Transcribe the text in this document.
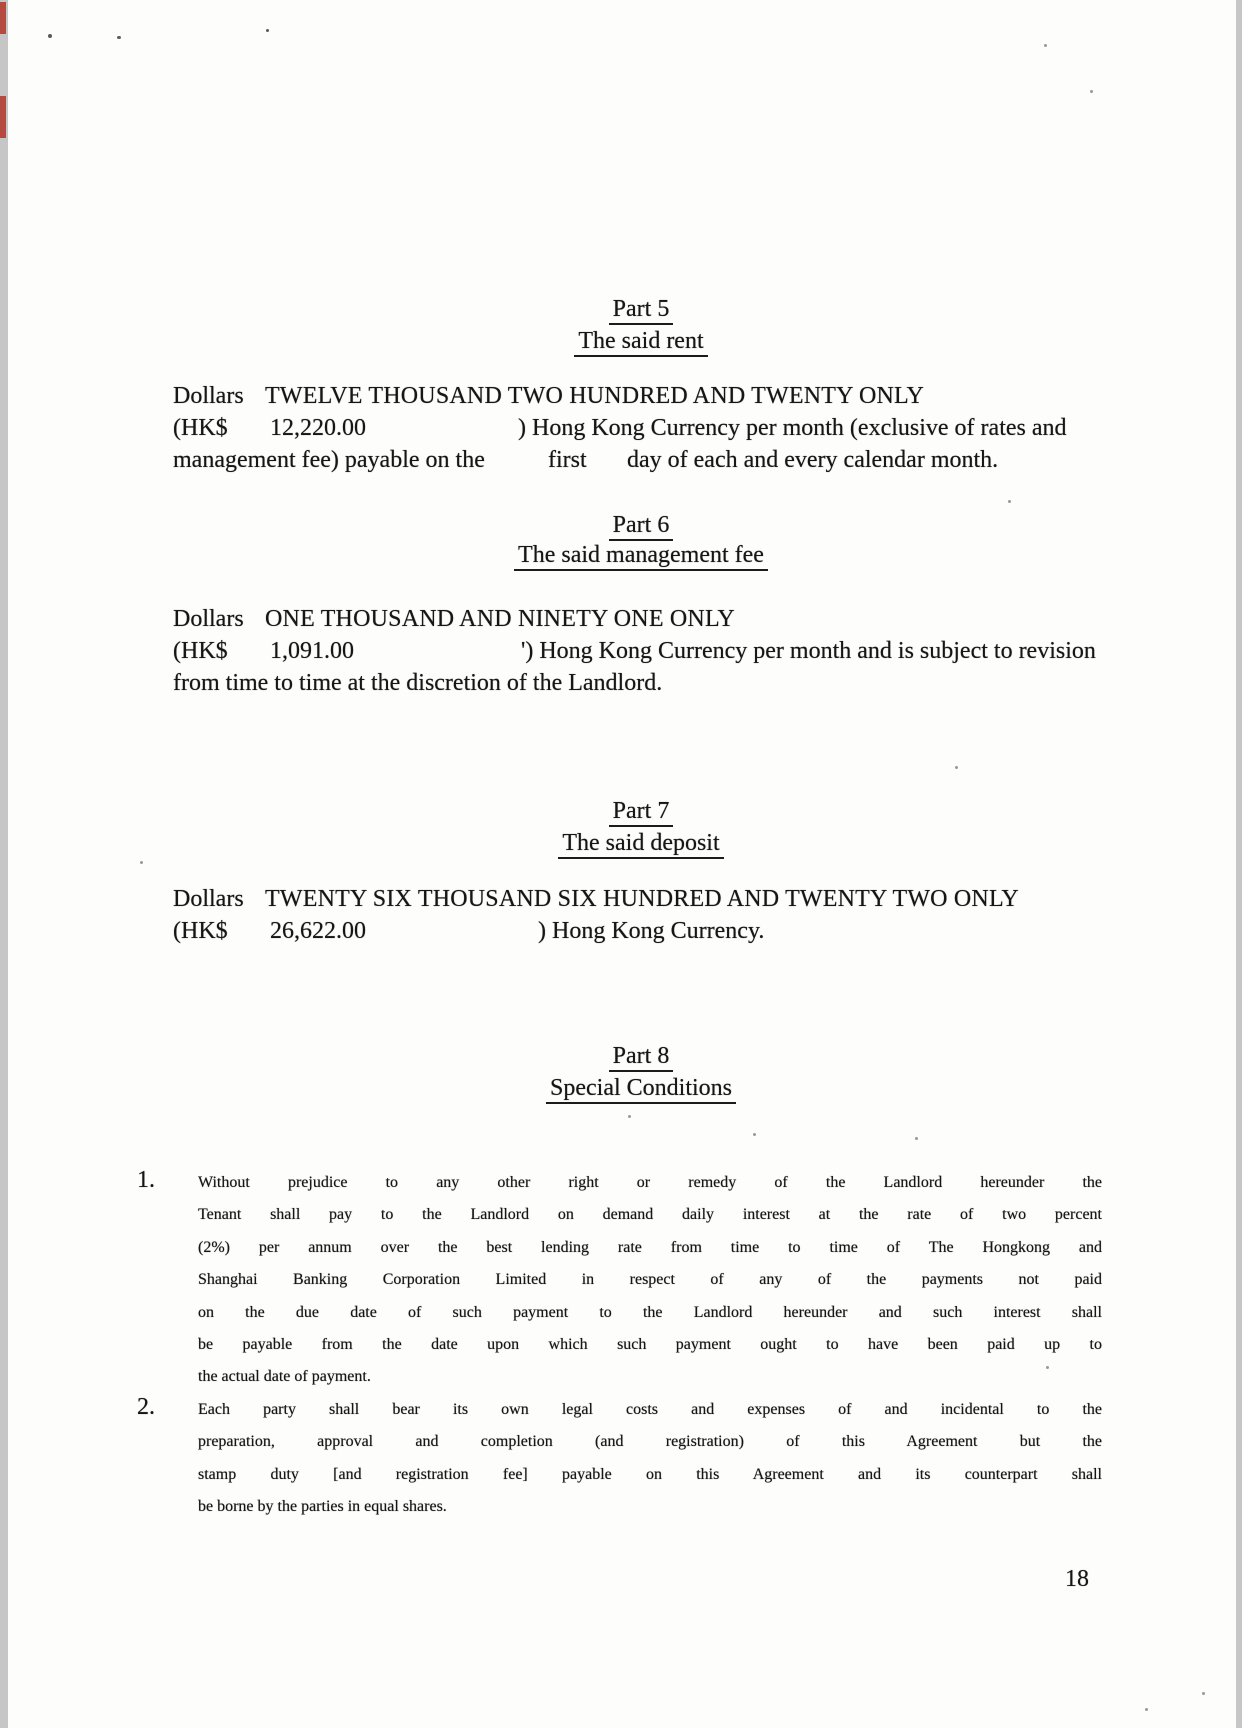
Part 5
The said rent
Dollars TWELVE THOUSAND TWO HUNDRED AND TWENTY ONLY
(HK$ 12,220.00	) Hong Kong Currency per month (exclusive of rates and
management fee) payable on the	first day of each and every calendar month.
Part 6
The said management fee
Dollars ONE THOUSAND AND NINETY ONE ONLY
(HK$ 1,091.00	') Hong Kong Currency per month and is subject to revision
from time to time at the discretion of the Landlord.
Part 7
The said deposit
Dollars TWENTY SIX THOUSAND SIX HUNDRED AND TWENTY TWO ONLY
(HK$ 26,622.00	) Hong Kong Currency.
Part 8
Special Conditions
1.	Without prejudice to any other right or remedy of the Landlord hereunder the
Tenant shall pay to the Landlord on demand daily interest at the rate of two percent
(2%) per annum over the best lending rate from time to time of The Hongkong and
Shanghai Banking Corporation Limited in respect of any of the payments not paid
on the due date of such payment to the Landlord hereunder and such interest shall
be payable from the date upon which such payment ought to have been paid up to
the actual date of payment.
2.	Each party shall bear its own legal costs and expenses of and incidental to the
preparation, approval and completion (and registration) of this Agreement but the
stamp duty [and registration fee] payable on this Agreement and its counterpart shall
be borne by the parties in equal shares.
18
